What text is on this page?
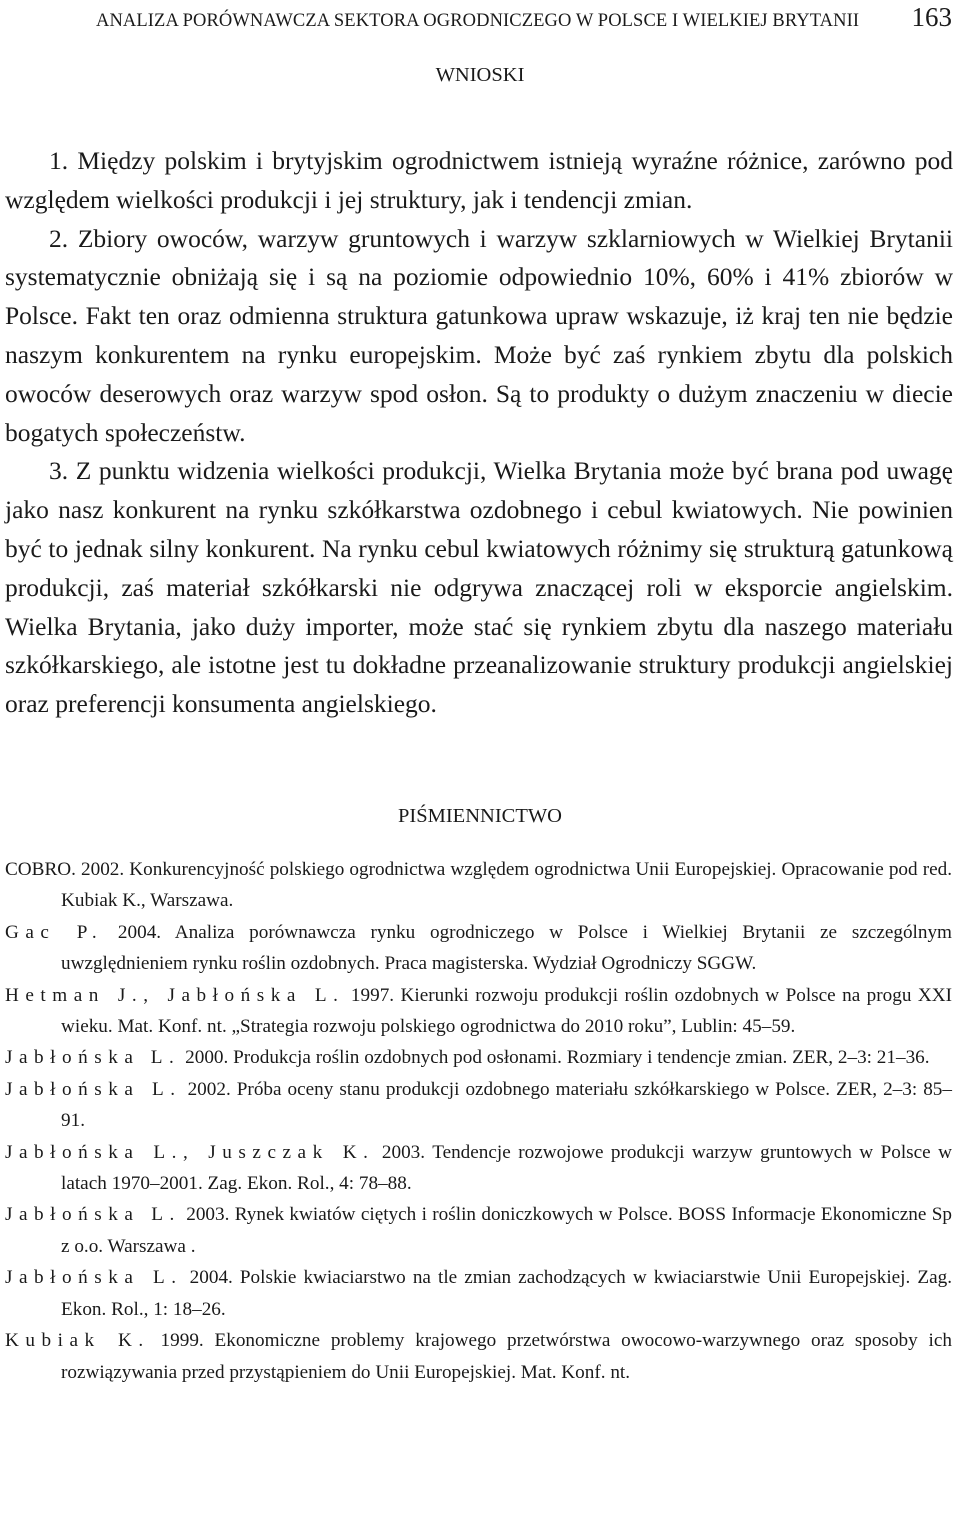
ANALIZA PORÓWNAWCZA SEKTORA OGRODNICZEGO W POLSCE I WIELKIEJ BRYTANII 163
WNIOSKI

1. Między polskim i brytyjskim ogrodnictwem istnieją wyraźne różnice, zarówno pod względem wielkości produkcji i jej struktury, jak i tendencji zmian.

2. Zbiory owoców, warzyw gruntowych i warzyw szklarniowych w Wielkiej Brytanii systematycznie obniżają się i są na poziomie odpowiednio 10%, 60% i 41% zbiorów w Polsce. Fakt ten oraz odmienna struktura gatunkowa upraw wskazuje, iż kraj ten nie będzie naszym konkurentem na rynku europejskim. Może być zaś rynkiem zbytu dla polskich owoców deserowych oraz warzyw spod osłon. Są to produkty o dużym znaczeniu w diecie bogatych społeczeństw.

3. Z punktu widzenia wielkości produkcji, Wielka Brytania może być brana pod uwagę jako nasz konkurent na rynku szkółkarstwa ozdobnego i cebul kwiatowych. Nie powinien być to jednak silny konkurent. Na rynku cebul kwiatowych różnimy się strukturą gatunkową produkcji, zaś materiał szkółkarski nie odgrywa znaczącej roli w eksporcie angielskim. Wielka Brytania, jako duży importer, może stać się rynkiem zbytu dla naszego materiału szkółkarskiego, ale istotne jest tu dokładne przeanalizowanie struktury produkcji angielskiej oraz preferencji konsumenta angielskiego.

PIŚMIENNICTWO

COBRO. 2002. Konkurencyjność polskiego ogrodnictwa względem ogrodnictwa Unii Europejskiej. Opracowanie pod red. Kubiak K., Warszawa.

Gac P. 2004. Analiza porównawcza rynku ogrodniczego w Polsce i Wielkiej Brytanii ze szczególnym uwzględnieniem rynku roślin ozdobnych. Praca magisterska. Wydział Ogrodniczy SGGW.

Hetman J., Jabłońska L. 1997. Kierunki rozwoju produkcji roślin ozdobnych w Polsce na progu XXI wieku. Mat. Konf. nt. „Strategia rozwoju polskiego ogrodnictwa do 2010 roku”, Lublin: 45–59.

Jabłońska L. 2000. Produkcja roślin ozdobnych pod osłonami. Rozmiary i tendencje zmian. ZER, 2–3: 21–36.

Jabłońska L. 2002. Próba oceny stanu produkcji ozdobnego materiału szkółkarskiego w Polsce. ZER, 2–3: 85–91.

Jabłońska L., Juszczak K. 2003. Tendencje rozwojowe produkcji warzyw gruntowych w Polsce w latach 1970–2001. Zag. Ekon. Rol., 4: 78–88.

Jabłońska L. 2003. Rynek kwiatów ciętych i roślin doniczkowych w Polsce. BOSS Informacje Ekonomiczne Sp z o.o. Warszawa .

Jabłońska L. 2004. Polskie kwiaciarstwo na tle zmian zachodzących w kwiaciarstwie Unii Europejskiej. Zag. Ekon. Rol., 1: 18–26.

Kubiak K. 1999. Ekonomiczne problemy krajowego przetwórstwa owocowo-warzywnego oraz sposoby ich rozwiązywania przed przystąpieniem do Unii Europejskiej. Mat. Konf. nt.
